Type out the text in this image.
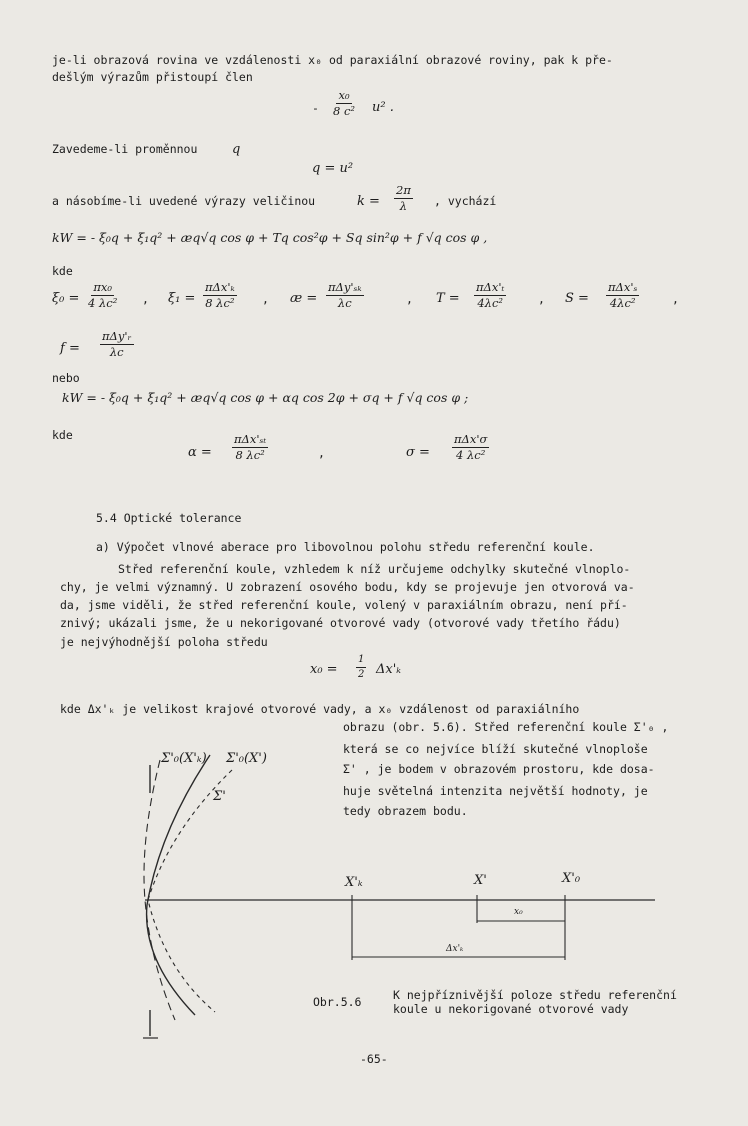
je-li obrazová rovina ve vzdálenosti x₀ od paraxiální obrazové roviny, pak k pře-
dešlým výrazům přistoupí člen
- $\frac{\text{x₀}}{\text{8 c²}} u^2$ .
Zavedeme-li proměnnou	q
q = u²
a násobíme-li uvedené výrazy veličinou	$k = \frac{2\pi}{\lambda}$ , vychází
kW = - ξ₀q + ξ₁q² + æq√q cos φ + Tq cos²φ + Sq sin²φ + f √q cos φ ,
kde
$\xi_0 = \frac{\text{πx₀}}{\text{4 λc²}}$ , ξ₁ =
πΔx'ₖ
8 λc² , æ =
πΔy'ₛₖ
λc	, T =
πΔx'ₜ
4λc²	, S =
πΔx'ₛ
4λc²	,
f =
πΔy'ᵣ
λc
nebo
kW = - ξ₀q + ξ₁q² + æq√q cos φ + αq cos 2φ + σq + f √q cos φ ;
kde
α =
πΔx'ₛₜ
8 λc²	,	σ =
πΔx'σ
4 λc²
5.4 Optické tolerance
a) Výpočet vlnové aberace pro libovolnou polohu středu referenční koule.
Střed referenční koule, vzhledem k níž určujeme odchylky skutečné vlnoplo-
chy, je velmi významný. U zobrazení osového bodu, kdy se projevuje jen otvorová va-
da, jsme viděli, že střed referenční koule, volený v paraxiálním obrazu, není pří-
znivý; ukázali jsme, že u nekorigované otvorové vady (otvorové vady třetího řádu)
je nejvýhodnější poloha středu
$x_0 = \frac{1}{2} \Delta x'_k$
kde Δx'ₖ je velikost krajové otvorové vady, a x₀ vzdálenost od paraxiálního
obrazu (obr. 5.6). Střed referenční koule Σ'₀ ,
která se co nejvíce blíží skutečné vlnoploše
Σ' , je bodem v obrazovém prostoru, kde dosa-
huje světelná intenzita největší hodnoty, je
tedy obrazem bodu.
Σ'₀(X'ₖ) Σ'₀(X')
Σ'
X'ₖ	X'	X'₀
x₀
Δx'ₖ
Obr.5.6	K nejpříznivější poloze středu referenční
koule u nekorigované otvorové vady
-65-
